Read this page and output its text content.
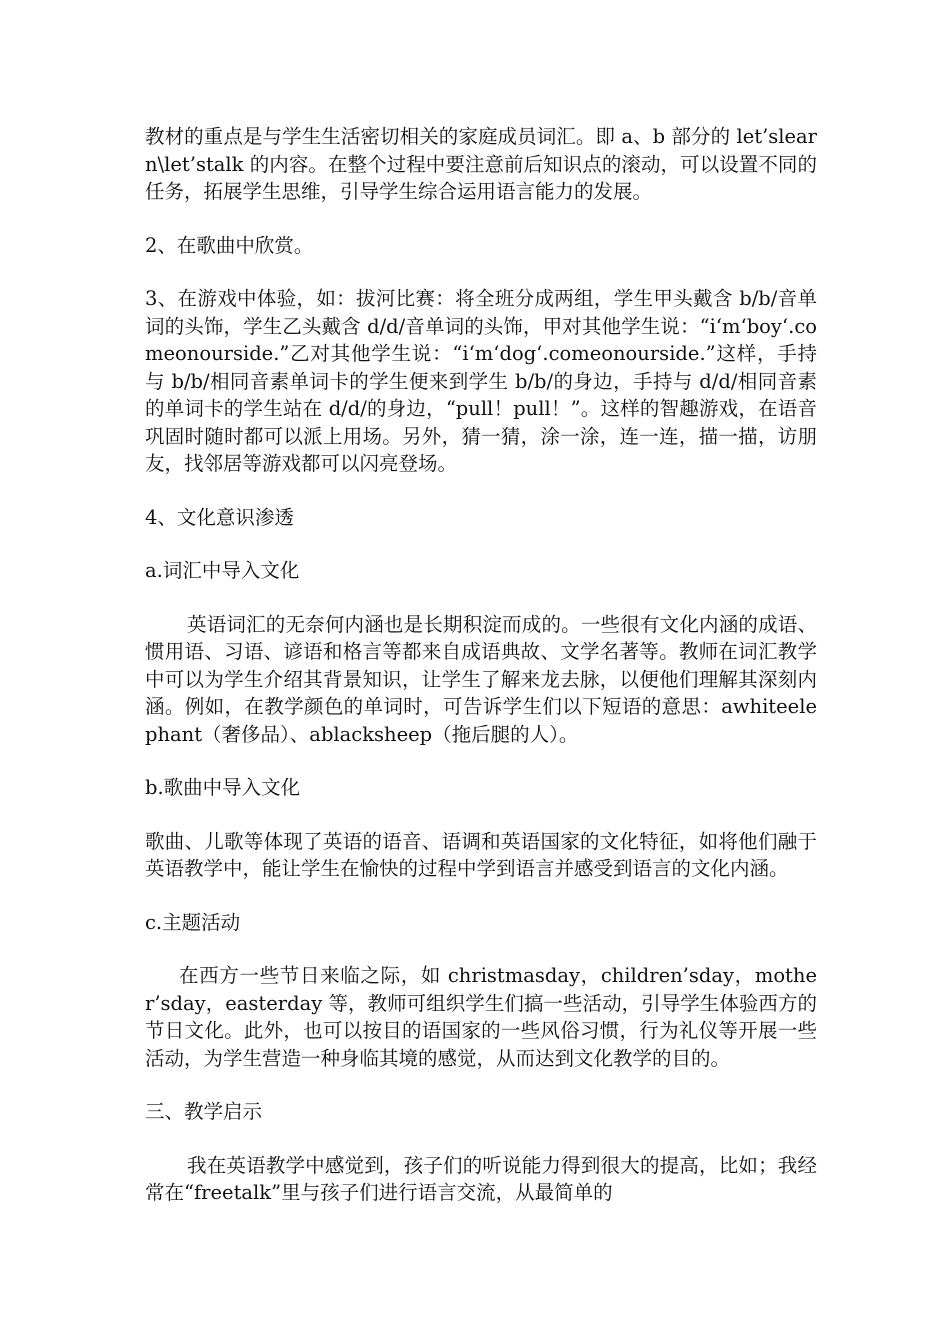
教材的重点是与学生生活密切相关的家庭成员词汇。即 a、b 部分的 let’slearn\let’stalk 的内容。在整个过程中要注意前后知识点的滚动，可以设置不同的任务，拓展学生思维，引导学生综合运用语言能力的发展。

2、在歌曲中欣赏。

3、在游戏中体验，如：拔河比赛：将全班分成两组，学生甲头戴含 b/b/音单词的头饰，学生乙头戴含 d/d/音单词的头饰，甲对其他学生说：“i‘m‘boy‘.comeonourside.”乙对其他学生说：“i‘m‘dog‘.comeonourside.”这样，手持与 b/b/相同音素单词卡的学生便来到学生 b/b/的身边，手持与 d/d/相同音素的单词卡的学生站在 d/d/的身边，“pull！pull！”。这样的智趣游戏，在语音巩固时随时都可以派上用场。另外，猜一猜，涂一涂，连一连，描一描，访朋友，找邻居等游戏都可以闪亮登场。

4、文化意识渗透

a.词汇中导入文化

英语词汇的无奈何内涵也是长期积淀而成的。一些很有文化内涵的成语、惯用语、习语、谚语和格言等都来自成语典故、文学名著等。教师在词汇教学中可以为学生介绍其背景知识，让学生了解来龙去脉，以便他们理解其深刻内涵。例如，在教学颜色的单词时，可告诉学生们以下短语的意思：awhiteelephant（奢侈品）、ablacksheep（拖后腿的人）。

b.歌曲中导入文化

歌曲、儿歌等体现了英语的语音、语调和英语国家的文化特征，如将他们融于英语教学中，能让学生在愉快的过程中学到语言并感受到语言的文化内涵。

c.主题活动

在西方一些节日来临之际，如 christmasday，children’sday，mother’sday，easterday 等，教师可组织学生们搞一些活动，引导学生体验西方的节日文化。此外，也可以按目的语国家的一些风俗习惯，行为礼仪等开展一些活动，为学生营造一种身临其境的感觉，从而达到文化教学的目的。

三、教学启示

我在英语教学中感觉到，孩子们的听说能力得到很大的提高，比如；我经常在“freetalk”里与孩子们进行语言交流，从最简单的
